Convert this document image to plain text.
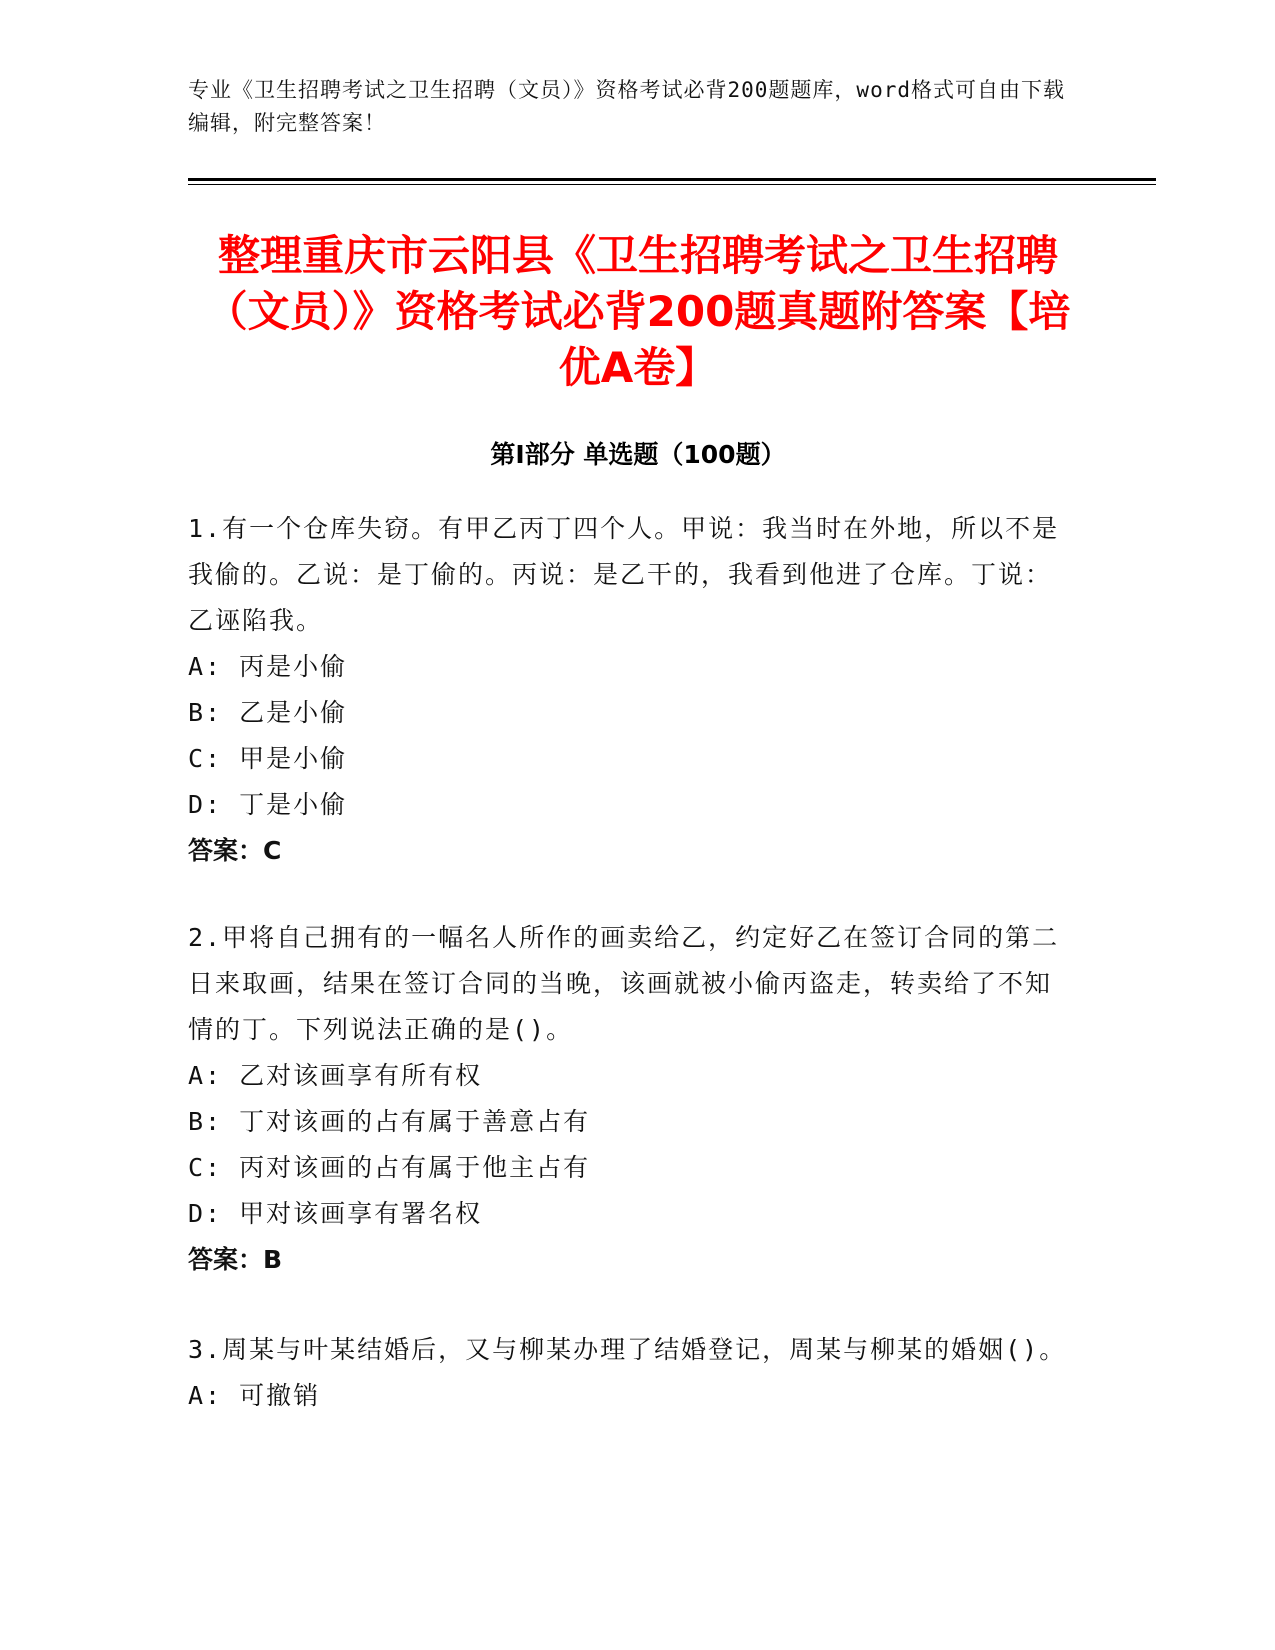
专业《卫生招聘考试之卫生招聘（文员）》资格考试必背200题题库，word格式可自由下载编辑，附完整答案！
整理重庆市云阳县《卫生招聘考试之卫生招聘（文员）》资格考试必背200题真题附答案【培优A卷】
第Ⅰ部分 单选题（100题）
1.有一个仓库失窃。有甲乙丙丁四个人。甲说：我当时在外地，所以不是我偷的。乙说：是丁偷的。丙说：是乙干的，我看到他进了仓库。丁说：乙诬陷我。
A: 丙是小偷
B: 乙是小偷
C: 甲是小偷
D: 丁是小偷
答案：C
2.甲将自己拥有的一幅名人所作的画卖给乙，约定好乙在签订合同的第二日来取画，结果在签订合同的当晚，该画就被小偷丙盗走，转卖给了不知情的丁。下列说法正确的是()。
A: 乙对该画享有所有权
B: 丁对该画的占有属于善意占有
C: 丙对该画的占有属于他主占有
D: 甲对该画享有署名权
答案：B
3.周某与叶某结婚后，又与柳某办理了结婚登记，周某与柳某的婚姻()。
A: 可撤销
